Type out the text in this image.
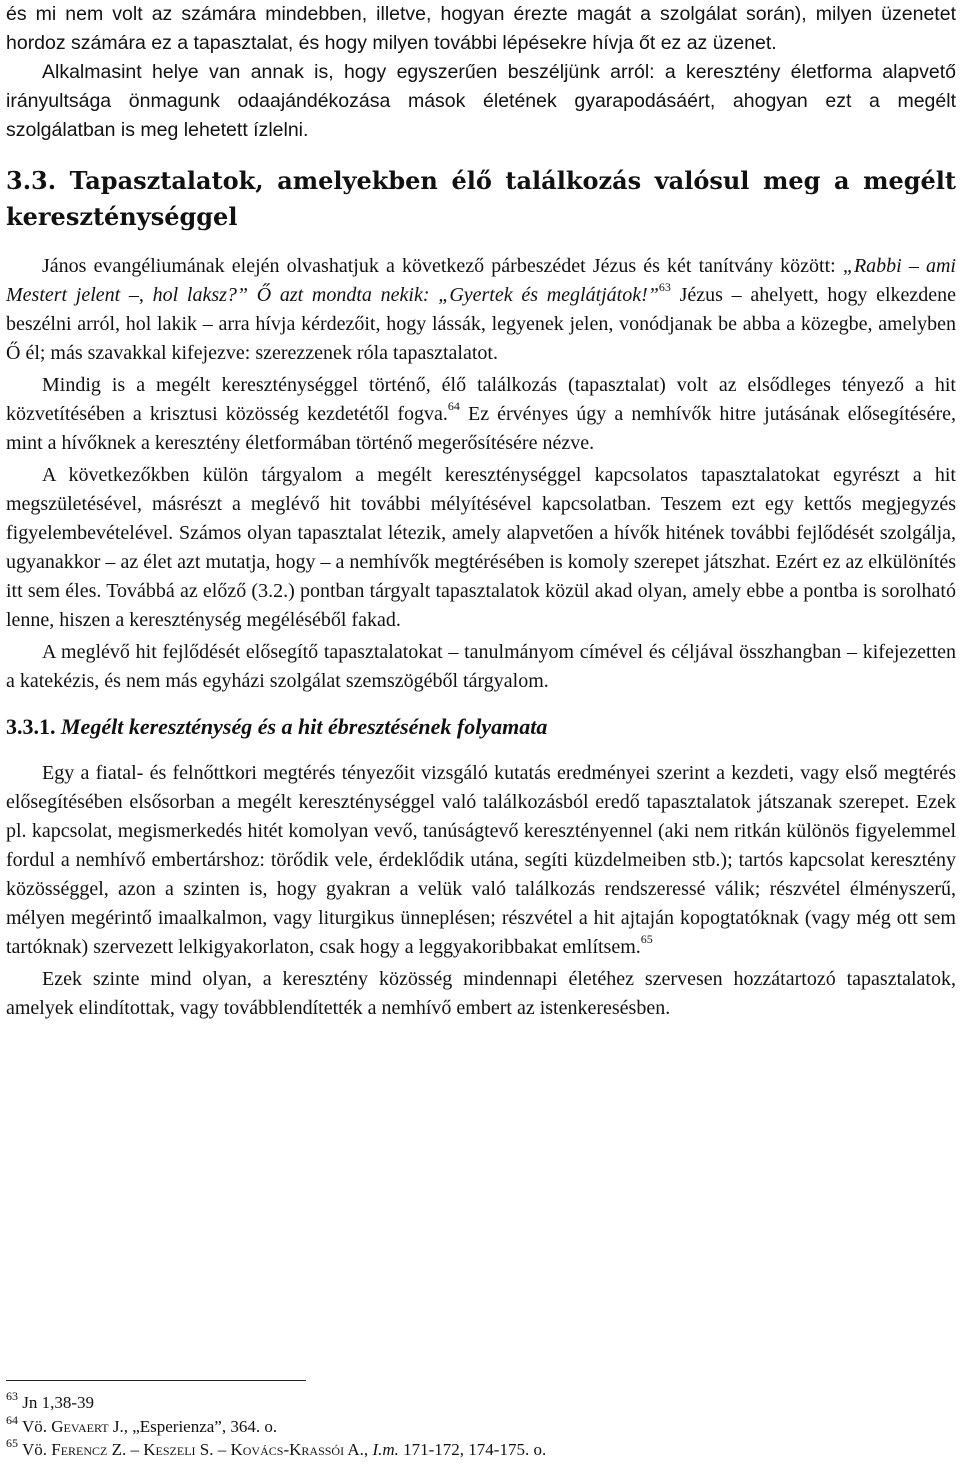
és mi nem volt az számára mindebben, illetve, hogyan érezte magát a szolgálat során), milyen üzenetet hordoz számára ez a tapasztalat, és hogy milyen további lépésekre hívja őt ez az üzenet.

Alkalmasint helye van annak is, hogy egyszerűen beszéljünk arról: a keresztény életforma alapvető irányultsága önmagunk odaajándékozása mások életének gyarapodásáért, ahogyan ezt a megélt szolgálatban is meg lehetett ízlelni.

3.3. Tapasztalatok, amelyekben élő találkozás valósul meg a megélt kereszténységgel

János evangéliumának elején olvashatjuk a következő párbeszédet Jézus és két tanítvány között: „Rabbi – ami Mestert jelent –, hol laksz?” Ő azt mondta nekik: „Gyertek és meglátjátok!”$^{63}$ Jézus – ahelyett, hogy elkezdene beszélni arról, hol lakik – arra hívja kérdezőit, hogy lássák, legyenek jelen, vonódjanak be abba a közegbe, amelyben Ő él; más szavakkal kifejezve: szerezzenek róla tapasztalatot.

Mindig is a megélt kereszténységgel történő, élő találkozás (tapasztalat) volt az elsődleges tényező a hit közvetítésében a krisztusi közösség kezdetétől fogva.$^{64}$ Ez érvényes úgy a nemhívők hitre jutásának elősegítésére, mint a hívőknek a keresztény életformában történő megerősítésére nézve.

A következőkben külön tárgyalom a megélt kereszténységgel kapcsolatos tapasztalatokat egyrészt a hit megszületésével, másrészt a meglévő hit további mélyítésével kapcsolatban. Teszem ezt egy kettős megjegyzés figyelembevételével. Számos olyan tapasztalat létezik, amely alapvetően a hívők hitének további fejlődését szolgálja, ugyanakkor – az élet azt mutatja, hogy – a nemhívők megtérésében is komoly szerepet játszhat. Ezért ez az elkülönítés itt sem éles. Továbbá az előző (3.2.) pontban tárgyalt tapasztalatok közül akad olyan, amely ebbe a pontba is sorolható lenne, hiszen a kereszténység megéléséből fakad.

A meglévő hit fejlődését elősegítő tapasztalatokat – tanulmányom címével és céljával összhangban – kifejezetten a katekézis, és nem más egyházi szolgálat szemszögéből tárgyalom.

3.3.1. Megélt kereszténység és a hit ébresztésének folyamata

Egy a fiatal- és felnőttkori megtérés tényezőit vizsgáló kutatás eredményei szerint a kezdeti, vagy első megtérés elősegítésében elsősorban a megélt kereszténységgel való találkozásból eredő tapasztalatok játszanak szerepet. Ezek pl. kapcsolat, megismerkedés hitét komolyan vevő, tanúságtevő keresztényennel (aki nem ritkán különös figyelemmel fordul a nemhívő embertárshoz: törődik vele, érdeklődik utána, segíti küzdelmeiben stb.); tartós kapcsolat keresztény közösséggel, azon a szinten is, hogy gyakran a velük való találkozás rendszeressé válik; részvétel élményszerű, mélyen megérintő imaalkalmon, vagy liturgikus ünneplésen; részvétel a hit ajtaján kopogtatóknak (vagy még ott sem tartóknak) szervezett lelkigyakorlaton, csak hogy a leggyakoribbakat említsem.$^{65}$

Ezek szinte mind olyan, a keresztény közösség mindennapi életéhez szervesen hozzátartozó tapasztalatok, amelyek elindítottak, vagy továbblendítették a nemhívő embert az istenkeresésben.

$^{63}$ Jn 1,38-39
$^{64}$ Vö. Gevaert J., „Esperienza”, 364. o.
$^{65}$ Vö. Ferencz Z. – Keszeli S. – Kovács-Krassói A., I.m. 171-172, 174-175. o.
